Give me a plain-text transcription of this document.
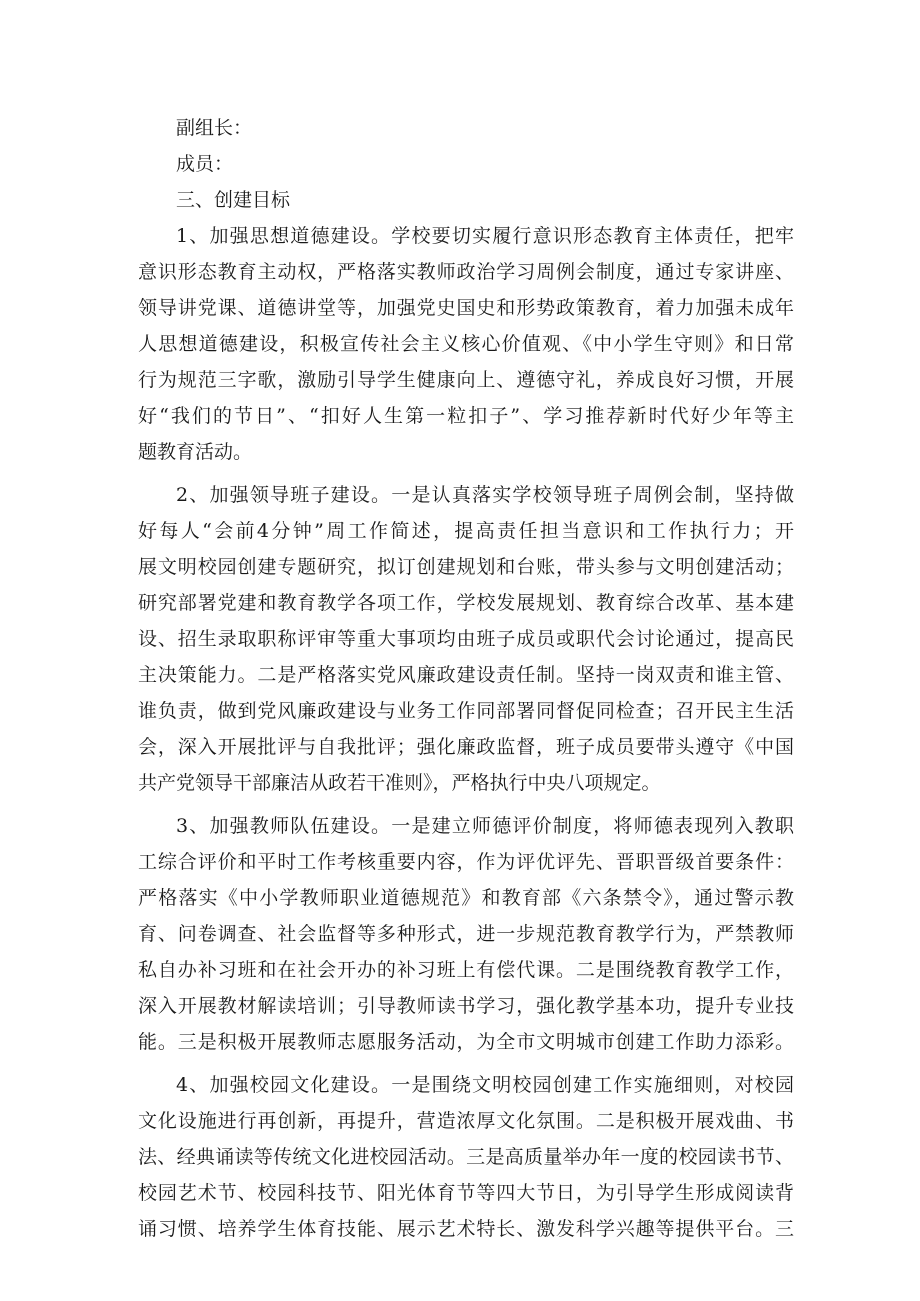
副组长：
成员：
三、创建目标
1、加强思想道德建设。学校要切实履行意识形态教育主体责任，把牢
意识形态教育主动权，严格落实教师政治学习周例会制度，通过专家讲座、
领导讲党课、道德讲堂等，加强党史国史和形势政策教育，着力加强未成年
人思想道德建设，积极宣传社会主义核心价值观、《中小学生守则》和日常
行为规范三字歌，激励引导学生健康向上、遵德守礼，养成良好习惯，开展
好“我们的节日”、“扣好人生第一粒扣子”、学习推荐新时代好少年等主
题教育活动。
2、加强领导班子建设。一是认真落实学校领导班子周例会制，坚持做
好每人“会前4分钟”周工作简述，提高责任担当意识和工作执行力；开
展文明校园创建专题研究，拟订创建规划和台账，带头参与文明创建活动；
研究部署党建和教育教学各项工作，学校发展规划、教育综合改革、基本建
设、招生录取职称评审等重大事项均由班子成员或职代会讨论通过，提高民
主决策能力。二是严格落实党风廉政建设责任制。坚持一岗双责和谁主管、
谁负责，做到党风廉政建设与业务工作同部署同督促同检查；召开民主生活
会，深入开展批评与自我批评；强化廉政监督，班子成员要带头遵守《中国
共产党领导干部廉洁从政若干准则》，严格执行中央八项规定。
3、加强教师队伍建设。一是建立师德评价制度，将师德表现列入教职
工综合评价和平时工作考核重要内容，作为评优评先、晋职晋级首要条件：
严格落实《中小学教师职业道德规范》和教育部《六条禁令》，通过警示教
育、问卷调查、社会监督等多种形式，进一步规范教育教学行为，严禁教师
私自办补习班和在社会开办的补习班上有偿代课。二是围绕教育教学工作，
深入开展教材解读培训；引导教师读书学习，强化教学基本功，提升专业技
能。三是积极开展教师志愿服务活动，为全市文明城市创建工作助力添彩。
4、加强校园文化建设。一是围绕文明校园创建工作实施细则，对校园
文化设施进行再创新，再提升，营造浓厚文化氛围。二是积极开展戏曲、书
法、经典诵读等传统文化进校园活动。三是高质量举办年一度的校园读书节、
校园艺术节、校园科技节、阳光体育节等四大节日，为引导学生形成阅读背
诵习惯、培养学生体育技能、展示艺术特长、激发科学兴趣等提供平台。三
